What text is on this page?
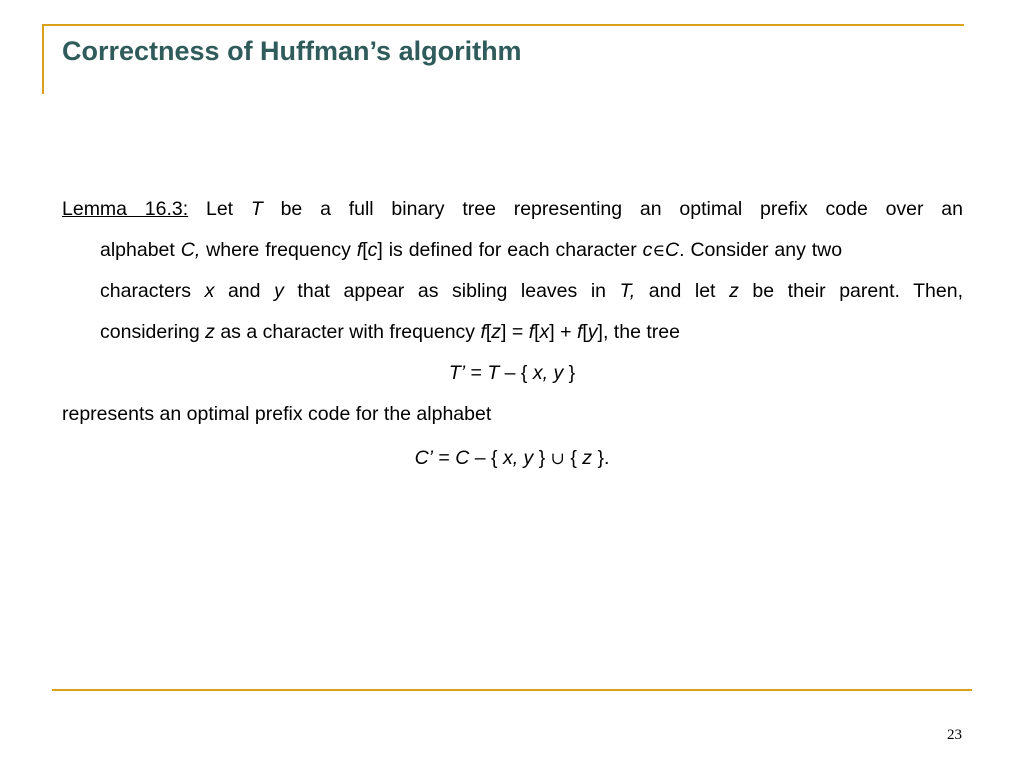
Correctness of Huffman’s algorithm
Lemma 16.3: Let T be a full binary tree representing an optimal prefix code over an
alphabet C, where frequency f[c] is defined for each character c∈C. Consider any two
characters x and y that appear as sibling leaves in T, and let z be their parent. Then,
considering z as a character with frequency f[z] = f[x] + f[y], the tree
T’ = T – { x, y }
represents an optimal prefix code for the alphabet
C’ = C – { x, y } ∪ { z }.
23
